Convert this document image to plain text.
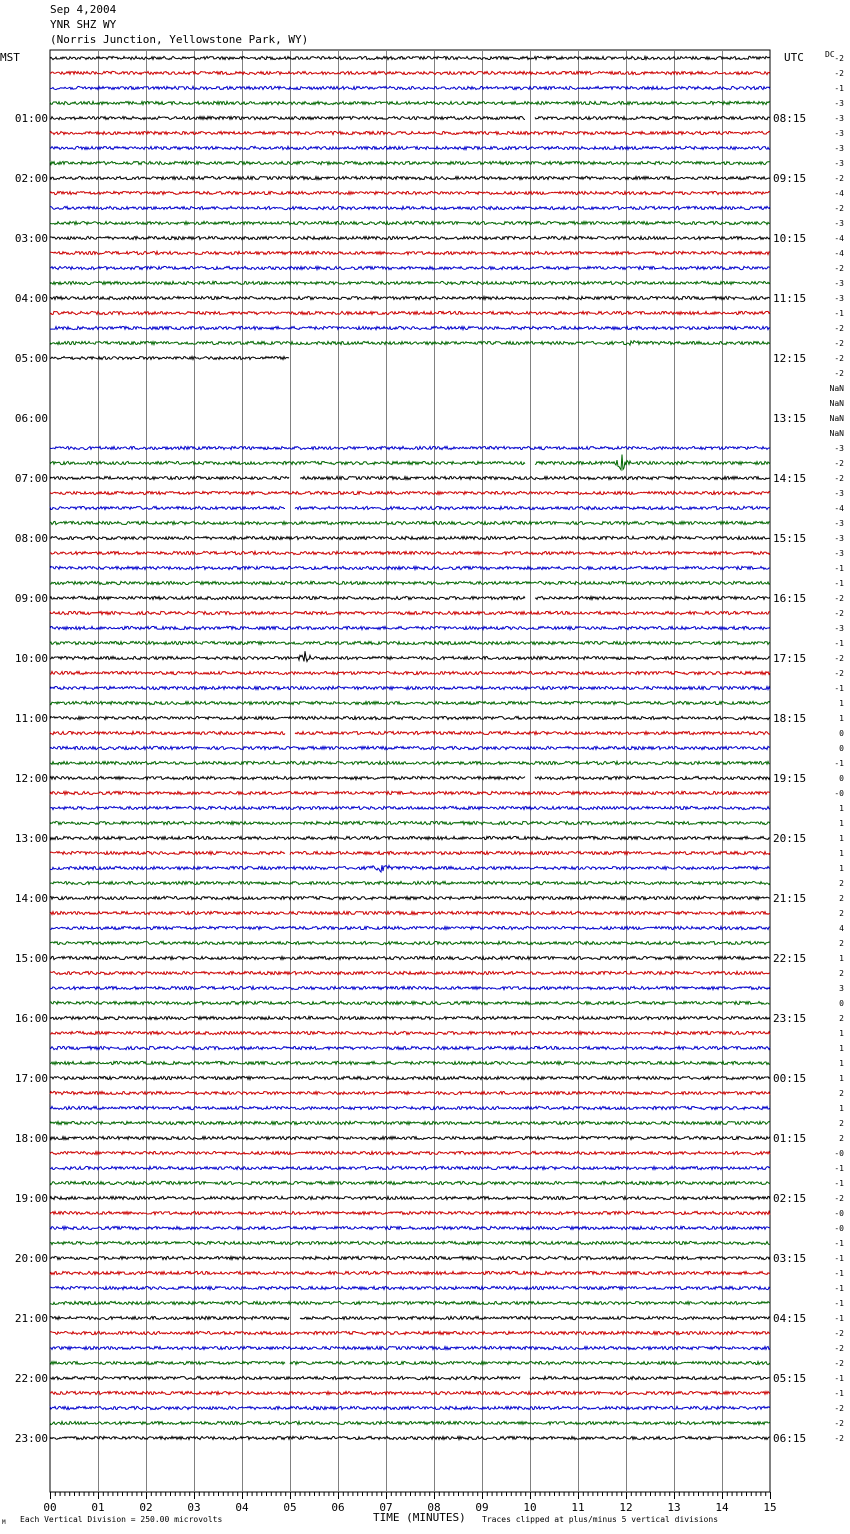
Sep 4,2004
YNR SHZ WY
(Norris Junction, Yellowstone Park, WY)
MST	UTC	DC
00	01	02	03	04	05	06	07	08	09	10	11	12	13	14	15
01:00
02:00
03:00
04:00
05:00
06:00
07:00
08:00
09:00
10:00
11:00
12:00
13:00
14:00
15:00
16:00
17:00
18:00
19:00
20:00
21:00
22:00
23:00
08:15
09:15
10:15
11:15
12:15
13:15
14:15
15:15
16:15
17:15
18:15
19:15
20:15
21:15
22:15
23:15
00:15
01:15
02:15
03:15
04:15
05:15
06:15
-2
-2
-1
-3
-3
-3
-3
-3
-2
-4
-2
-3
-4
-4
-2
-3
-3
-1
-2
-2
-2
-2
NaN
NaN
NaN
NaN
-3
-2
-2
-3
-4
-3
-3
-3
-1
-1
-2
-2
-3
-1
-2
-2
-1
1
1
0
0
-1
0
-0
1
1
1
1
1
2
2
2
4
2
1
2
3
0
2
1
1
1
1
2
1
2
2
-0
-1
-1
-2
-0
-0
-1
-1
-1
-1
-1
-1
-2
-2
-2
-1
-1
-2
-2
-2
TIME (MINUTES)
Each Vertical Division = 250.00 microvolts	Traces clipped at plus/minus 5 vertical divisions
M
